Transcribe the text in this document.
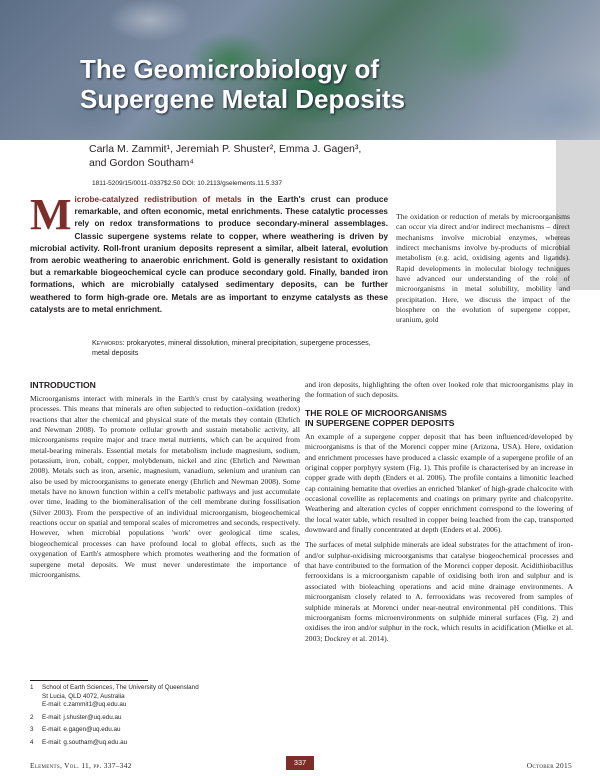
The Geomicrobiology of
Supergene Metal Deposits
Carla M. Zammit¹, Jeremiah P. Shuster², Emma J. Gagen³,
and Gordon Southam⁴
1811-5209/15/0011-0337$2.50 DOI: 10.2113/gselements.11.5.337
Microbe-catalyzed redistribution of metals in the Earth's crust can produce remarkable, and often economic, metal enrichments. These catalytic processes rely on redox transformations to produce secondary-mineral assemblages. Classic supergene systems relate to copper, where weathering is driven by microbial activity. Roll-front uranium deposits represent a similar, albeit lateral, evolution from aerobic weathering to anaerobic enrichment. Gold is generally resistant to oxidation but a remarkable biogeochemical cycle can produce secondary gold. Finally, banded iron formations, which are microbially catalysed sedimentary deposits, can be further weathered to form high-grade ore. Metals are as important to enzyme catalysts as these catalysts are to metal enrichment.
Keywords: prokaryotes, mineral dissolution, mineral precipitation, supergene processes, metal deposits

The oxidation or reduction of metals by microorganisms can occur via direct and/or indirect mechanisms – direct mechanisms involve microbial enzymes, whereas indirect mechanisms involve by-products of microbial metabolism (e.g. acid, oxidising agents and ligands). Rapid developments in molecular biology techniques have advanced our understanding of the role of microorganisms in metal solubility, mobility and precipitation. Here, we discuss the impact of the biosphere on the evolution of supergene copper, uranium, gold

and iron deposits, highlighting the often over looked role that microorganisms play in the formation of such deposits.

INTRODUCTION

Microorganisms interact with minerals in the Earth's crust by catalysing weathering processes. This means that minerals are often subjected to reduction–oxidation (redox) reactions that alter the chemical and physical state of the metals they contain (Ehrlich and Newman 2008). To promote cellular growth and sustain metabolic activity, all microorganisms require major and trace metal nutrients, which can be acquired from metal-bearing minerals. Essential metals for metabolism include magnesium, sodium, potassium, iron, cobalt, copper, molybdenum, nickel and zinc (Ehrlich and Newman 2008). Metals such as iron, arsenic, magnesium, vanadium, selenium and uranium can also be used by microorganisms to generate energy (Ehrlich and Newman 2008). Some metals have no known function within a cell's metabolic pathways and just accumulate over time, leading to the biomineralisation of the cell membrane during fossilisation (Silver 2003). From the perspective of an individual microorganism, biogeochemical reactions occur on spatial and temporal scales of micrometres and seconds, respectively. However, when microbial populations 'work' over geological time scales, biogeochemical processes can have profound local to global effects, such as the oxygenation of Earth's atmosphere which promotes weathering and the formation of supergene metal deposits. We must never underestimate the importance of microorganisms.

THE ROLE OF MICROORGANISMS
IN SUPERGENE COPPER DEPOSITS

An example of a supergene copper deposit that has been influenced/developed by microorganisms is that of the Morenci copper mine (Arizona, USA). Here, oxidation and enrichment processes have produced a classic example of a supergene profile of an original copper porphyry system (Fig. 1). This profile is characterised by an increase in copper grade with depth (Enders et al. 2006). The profile contains a limonitic leached cap containing hematite that overlies an enriched 'blanket' of high-grade chalcocite with occasional covellite as replacements and coatings on primary pyrite and chalcopyrite. Weathering and alteration cycles of copper enrichment correspond to the lowering of the local water table, which resulted in copper being leached from the cap, transported downward and finally concentrated at depth (Enders et al. 2006).

The surfaces of metal sulphide minerals are ideal substrates for the attachment of iron- and/or sulphur-oxidising microorganisms that catalyse biogeochemical processes and that have contributed to the formation of the Morenci copper deposit. Acidithiobacillus ferrooxidans is a microorganism capable of oxidising both iron and sulphur and is associated with bioleaching operations and acid mine drainage environments. A microorganism closely related to A. ferrooxidans was recovered from samples of sulphide minerals at Morenci under near-neutral environmental pH conditions. This microorganism forms microenvironments on sulphide mineral surfaces (Fig. 2) and oxidises the iron and/or sulphur in the rock, which results in acidification (Mielke et al. 2003; Dockrey et al. 2014).

1	School of Earth Sciences, The University of Queensland
St Lucia, QLD 4072, Australia
E-mail: c.zammit1@uq.edu.au
2	E-mail: j.shuster@uq.edu.au
3	E-mail: e.gagen@uq.edu.au
4	E-mail: g.southam@uq.edu.au
Elements, Vol. 11, pp. 337–342	337	October 2015
